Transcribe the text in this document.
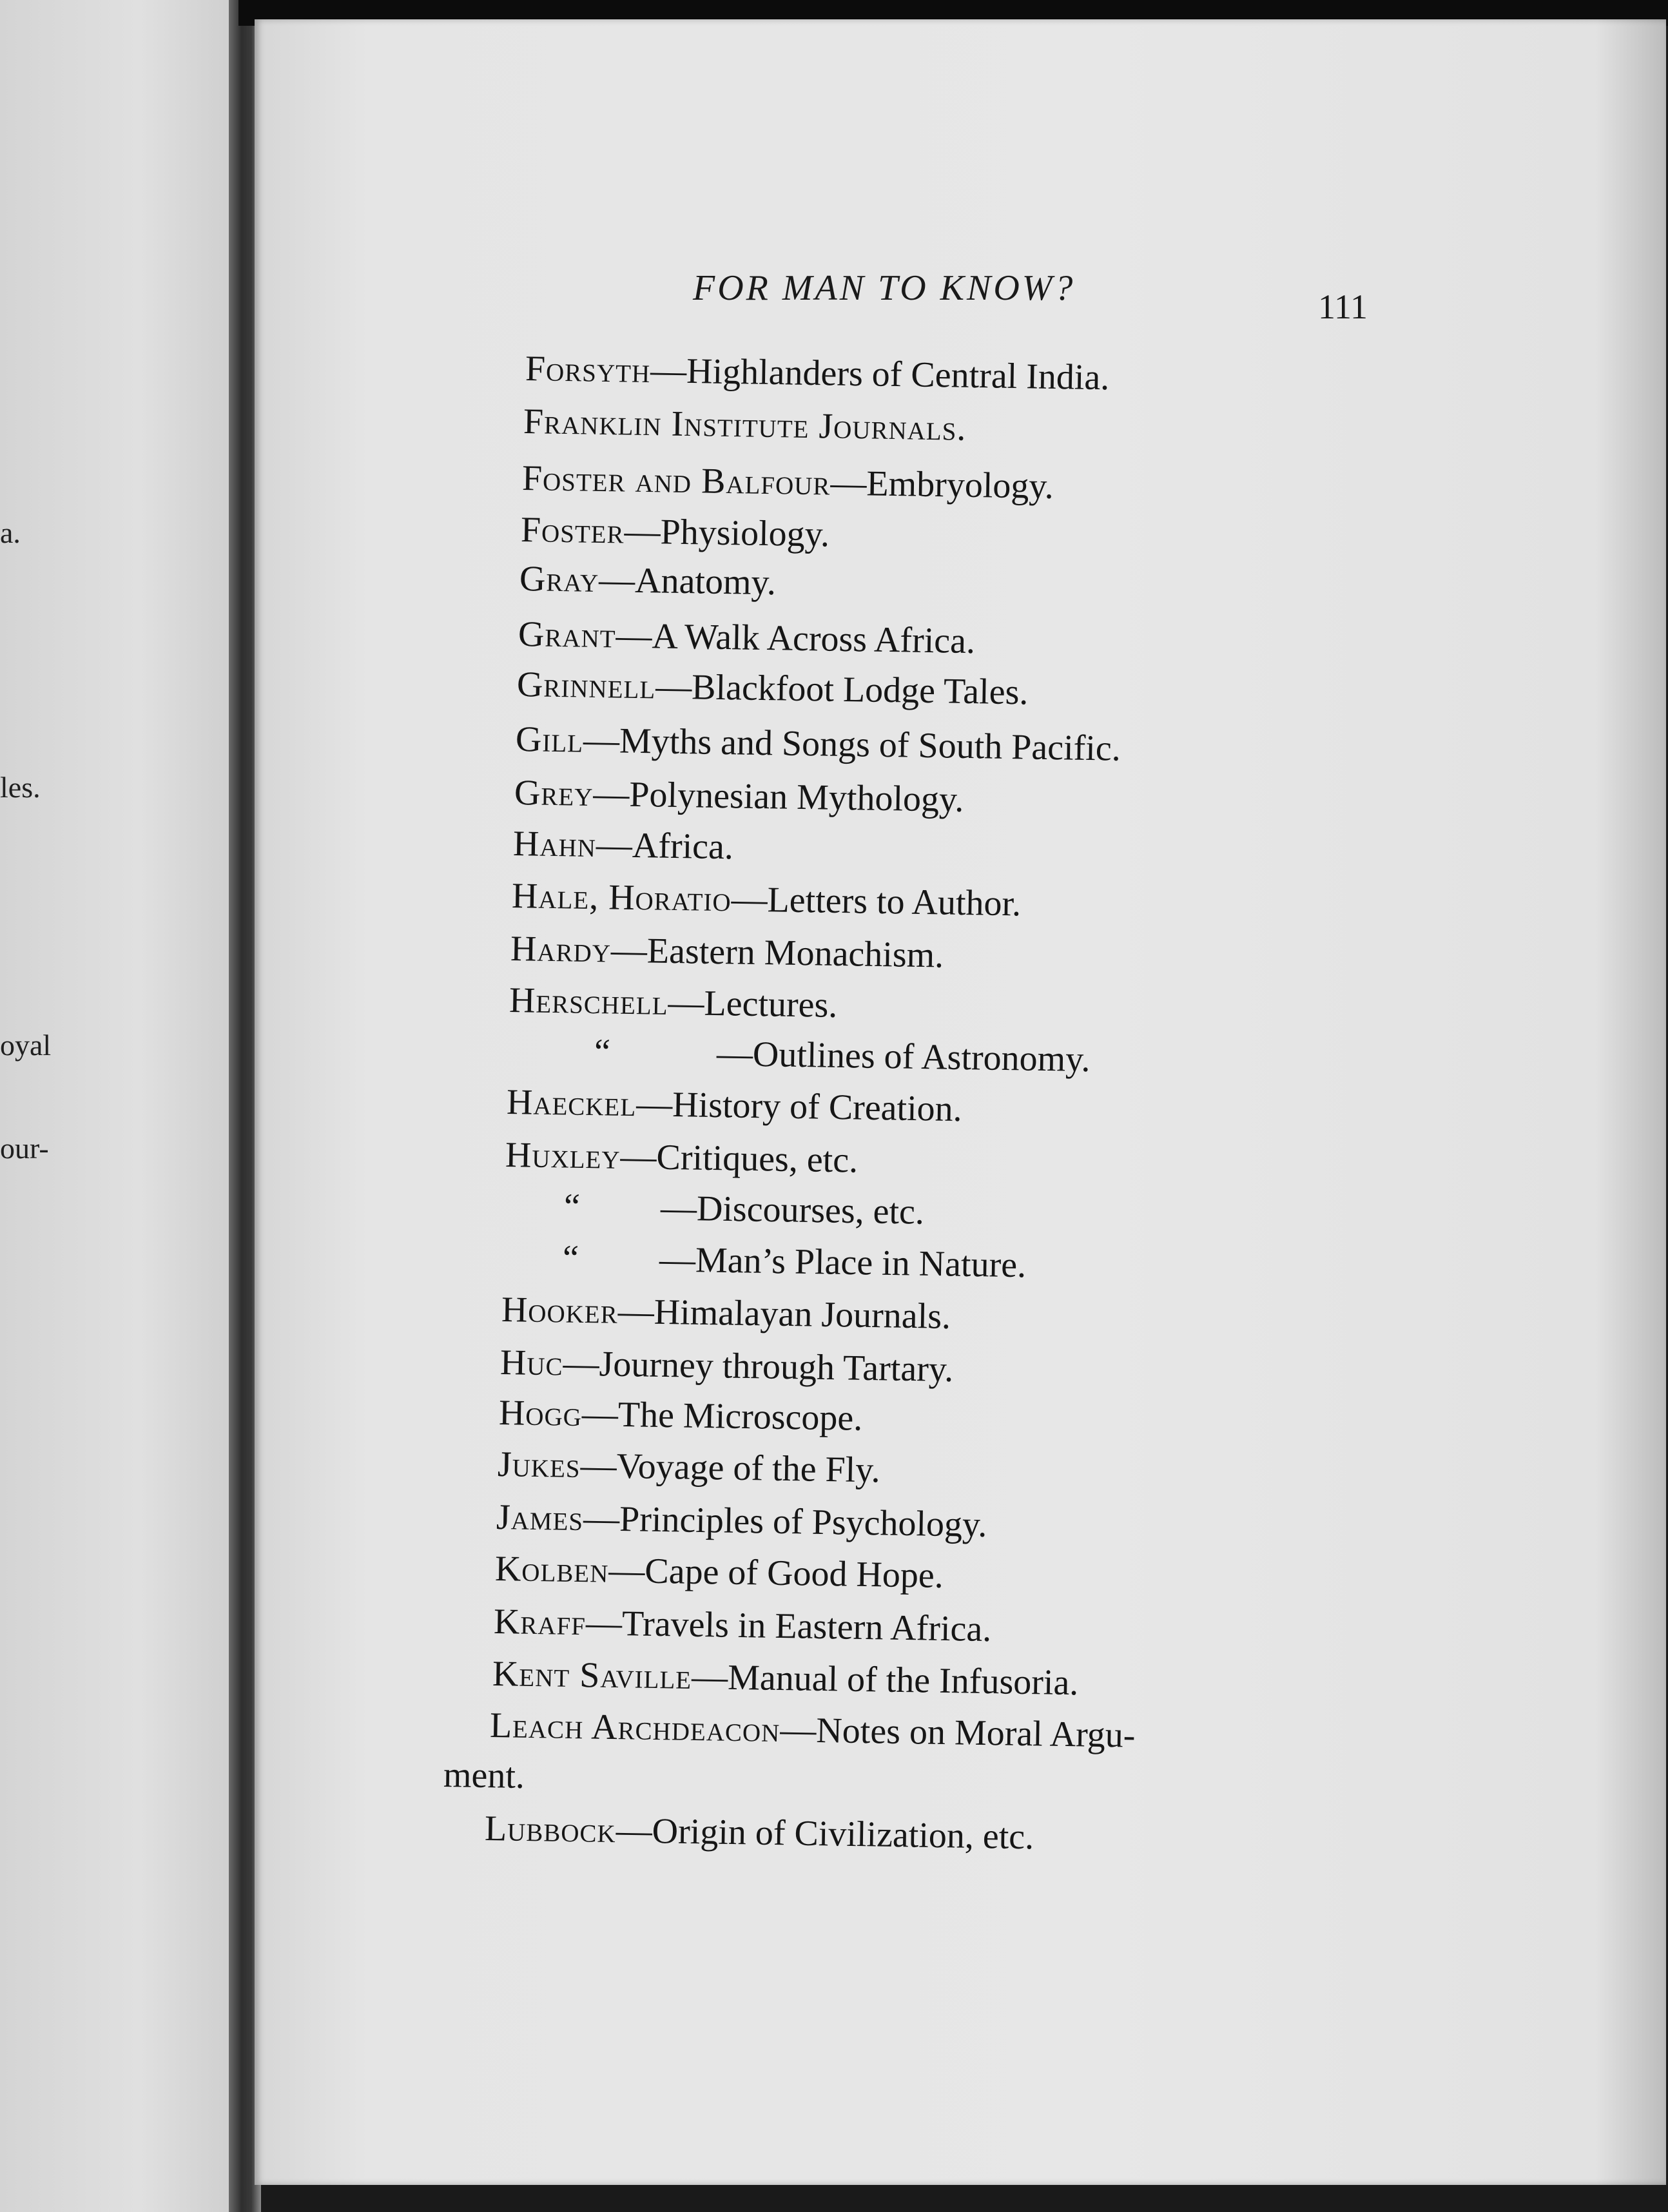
a.
les.
oyal
our-
FOR MAN TO KNOW?	111
Forsyth—Highlanders of Central India.
Franklin Institute Journals.
Foster and Balfour—Embryology.
Foster—Physiology.
Gray—Anatomy.
Grant—A Walk Across Africa.
Grinnell—Blackfoot Lodge Tales.
Gill—Myths and Songs of South Pacific.
Grey—Polynesian Mythology.
Hahn—Africa.
Hale, Horatio—Letters to Author.
Hardy—Eastern Monachism.
Herschell—Lectures.
“	—Outlines of Astronomy.
Haeckel—History of Creation.
Huxley—Critiques, etc.
“ —Discourses, etc.
“ —Man’s Place in Nature.
Hooker—Himalayan Journals.
Huc—Journey through Tartary.
Hogg—The Microscope.
Jukes—Voyage of the Fly.
James—Principles of Psychology.
Kolben—Cape of Good Hope.
Kraff—Travels in Eastern Africa.
Kent Saville—Manual of the Infusoria.
Leach Archdeacon—Notes on Moral Argu-
ment.
Lubbock—Origin of Civilization, etc.
